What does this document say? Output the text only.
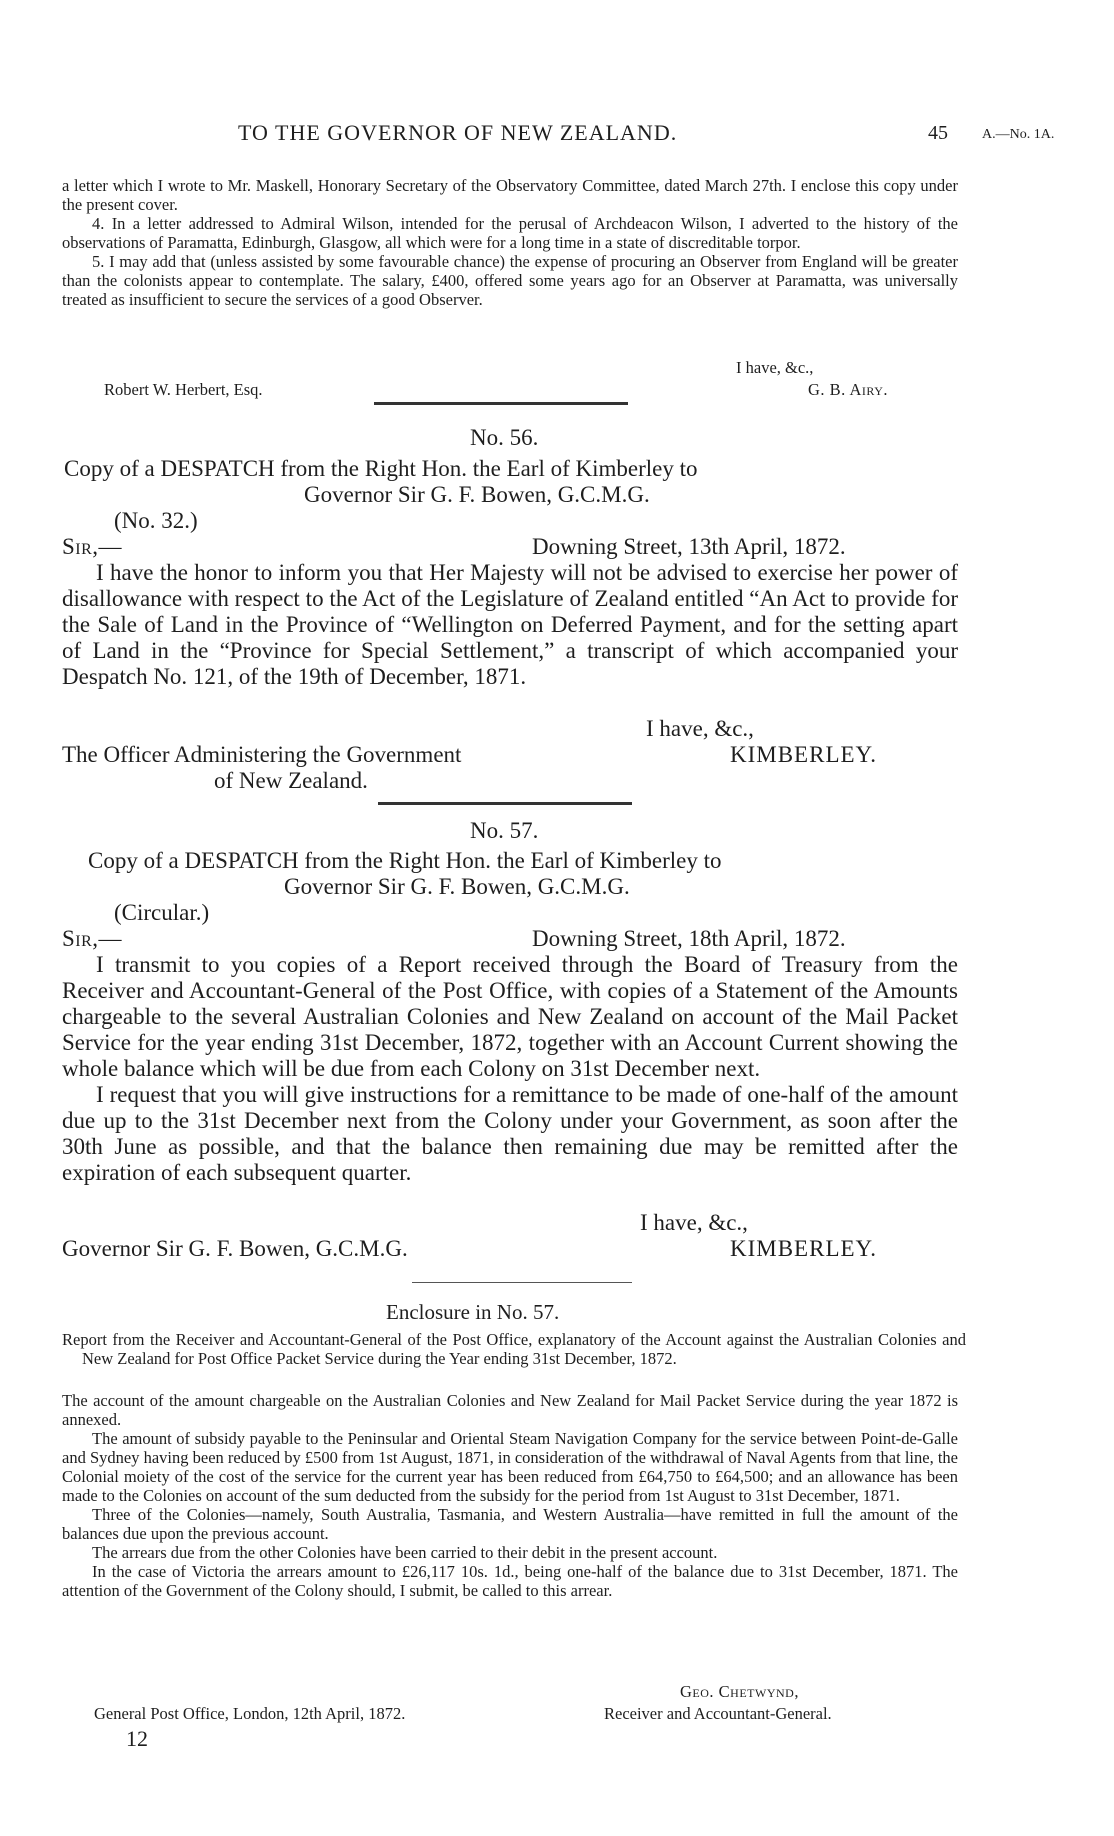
TO THE GOVERNOR OF NEW ZEALAND.	45 A.—No. 1A.

a letter which I wrote to Mr. Maskell, Honorary Secretary of the Observatory Committee, dated March 27th. I enclose this copy under the present cover.

4. In a letter addressed to Admiral Wilson, intended for the perusal of Archdeacon Wilson, I adverted to the history of the observations of Paramatta, Edinburgh, Glasgow, all which were for a long time in a state of discreditable torpor.

5. I may add that (unless assisted by some favourable chance) the expense of procuring an Observer from England will be greater than the colonists appear to contemplate. The salary, £400, offered some years ago for an Observer at Paramatta, was universally treated as insufficient to secure the services of a good Observer.

I have, &c.,
Robert W. Herbert, Esq.	G. B. Airy.
No. 56.
Copy of a DESPATCH from the Right Hon. the Earl of Kimberley to
Governor Sir G. F. Bowen, G.C.M.G.
(No. 32.)
Sir,—	Downing Street, 13th April, 1872.

I have the honor to inform you that Her Majesty will not be advised to exercise her power of disallowance with respect to the Act of the Legislature of Zealand entitled “An Act to provide for the Sale of Land in the Province of “Wellington on Deferred Payment, and for the setting apart of Land in the “Province for Special Settlement,” a transcript of which accompanied your Despatch No. 121, of the 19th of December, 1871.

I have, &c.,
The Officer Administering the Government
of New Zealand.
KIMBERLEY.
No. 57.
Copy of a DESPATCH from the Right Hon. the Earl of Kimberley to
Governor Sir G. F. Bowen, G.C.M.G.
(Circular.)
Sir,—	Downing Street, 18th April, 1872.

I transmit to you copies of a Report received through the Board of Treasury from the Receiver and Accountant-General of the Post Office, with copies of a Statement of the Amounts chargeable to the several Australian Colonies and New Zealand on account of the Mail Packet Service for the year ending 31st December, 1872, together with an Account Current showing the whole balance which will be due from each Colony on 31st December next.

I request that you will give instructions for a remittance to be made of one-half of the amount due up to the 31st December next from the Colony under your Government, as soon after the 30th June as possible, and that the balance then remaining due may be remitted after the expiration of each subsequent quarter.

I have, &c.,
Governor Sir G. F. Bowen, G.C.M.G.	KIMBERLEY.
Enclosure in No. 57.

Report from the Receiver and Accountant-General of the Post Office, explanatory of the Account against the Australian Colonies and New Zealand for Post Office Packet Service during the Year ending 31st December, 1872.

The account of the amount chargeable on the Australian Colonies and New Zealand for Mail Packet Service during the year 1872 is annexed.

The amount of subsidy payable to the Peninsular and Oriental Steam Navigation Company for the service between Point-de-Galle and Sydney having been reduced by £500 from 1st August, 1871, in consideration of the withdrawal of Naval Agents from that line, the Colonial moiety of the cost of the service for the current year has been reduced from £64,750 to £64,500; and an allowance has been made to the Colonies on account of the sum deducted from the subsidy for the period from 1st August to 31st December, 1871.

Three of the Colonies—namely, South Australia, Tasmania, and Western Australia—have remitted in full the amount of the balances due upon the previous account.

The arrears due from the other Colonies have been carried to their debit in the present account.

In the case of Victoria the arrears amount to £26,117 10s. 1d., being one-half of the balance due to 31st December, 1871. The attention of the Government of the Colony should, I submit, be called to this arrear.

Geo. Chetwynd,
General Post Office, London, 12th April, 1872.	Receiver and Accountant-General.
12
